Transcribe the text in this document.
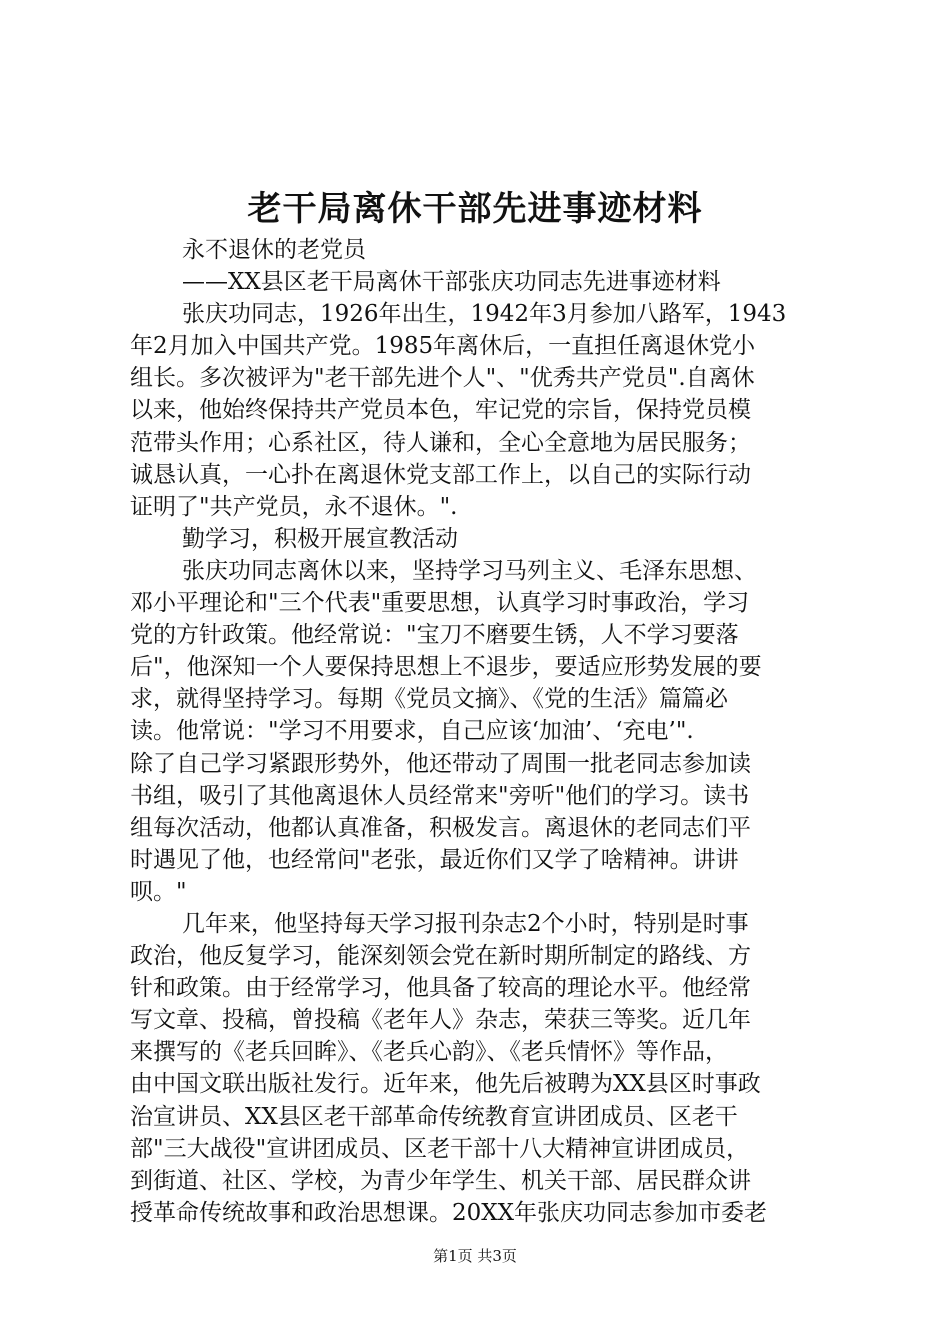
老干局离休干部先进事迹材料
永不退休的老党员
——XX县区老干局离休干部张庆功同志先进事迹材料
张庆功同志，1926年出生，1942年3月参加八路军，1943
年2月加入中国共产党。1985年离休后，一直担任离退休党小
组长。多次被评为"老干部先进个人"、"优秀共产党员".自离休
以来，他始终保持共产党员本色，牢记党的宗旨，保持党员模
范带头作用；心系社区，待人谦和，全心全意地为居民服务；
诚恳认真，一心扑在离退休党支部工作上，以自己的实际行动
证明了"共产党员，永不退休。".
勤学习，积极开展宣教活动
张庆功同志离休以来，坚持学习马列主义、毛泽东思想、
邓小平理论和"三个代表"重要思想，认真学习时事政治，学习
党的方针政策。他经常说："宝刀不磨要生锈，人不学习要落
后"，他深知一个人要保持思想上不退步，要适应形势发展的要
求，就得坚持学习。每期《党员文摘》、《党的生活》篇篇必
读。他常说："学习不用要求，自己应该‘加油’、‘充电’".
除了自己学习紧跟形势外，他还带动了周围一批老同志参加读
书组，吸引了其他离退休人员经常来"旁听"他们的学习。读书
组每次活动，他都认真准备，积极发言。离退休的老同志们平
时遇见了他，也经常问"老张，最近你们又学了啥精神。讲讲
呗。"
几年来，他坚持每天学习报刊杂志2个小时，特别是时事
政治，他反复学习，能深刻领会党在新时期所制定的路线、方
针和政策。由于经常学习，他具备了较高的理论水平。他经常
写文章、投稿，曾投稿《老年人》杂志，荣获三等奖。近几年
来撰写的《老兵回眸》、《老兵心韵》、《老兵情怀》等作品，
由中国文联出版社发行。近年来，他先后被聘为XX县区时事政
治宣讲员、XX县区老干部革命传统教育宣讲团成员、区老干
部"三大战役"宣讲团成员、区老干部十八大精神宣讲团成员，
到街道、社区、学校，为青少年学生、机关干部、居民群众讲
授革命传统故事和政治思想课。20XX年张庆功同志参加市委老
第1页 共3页
